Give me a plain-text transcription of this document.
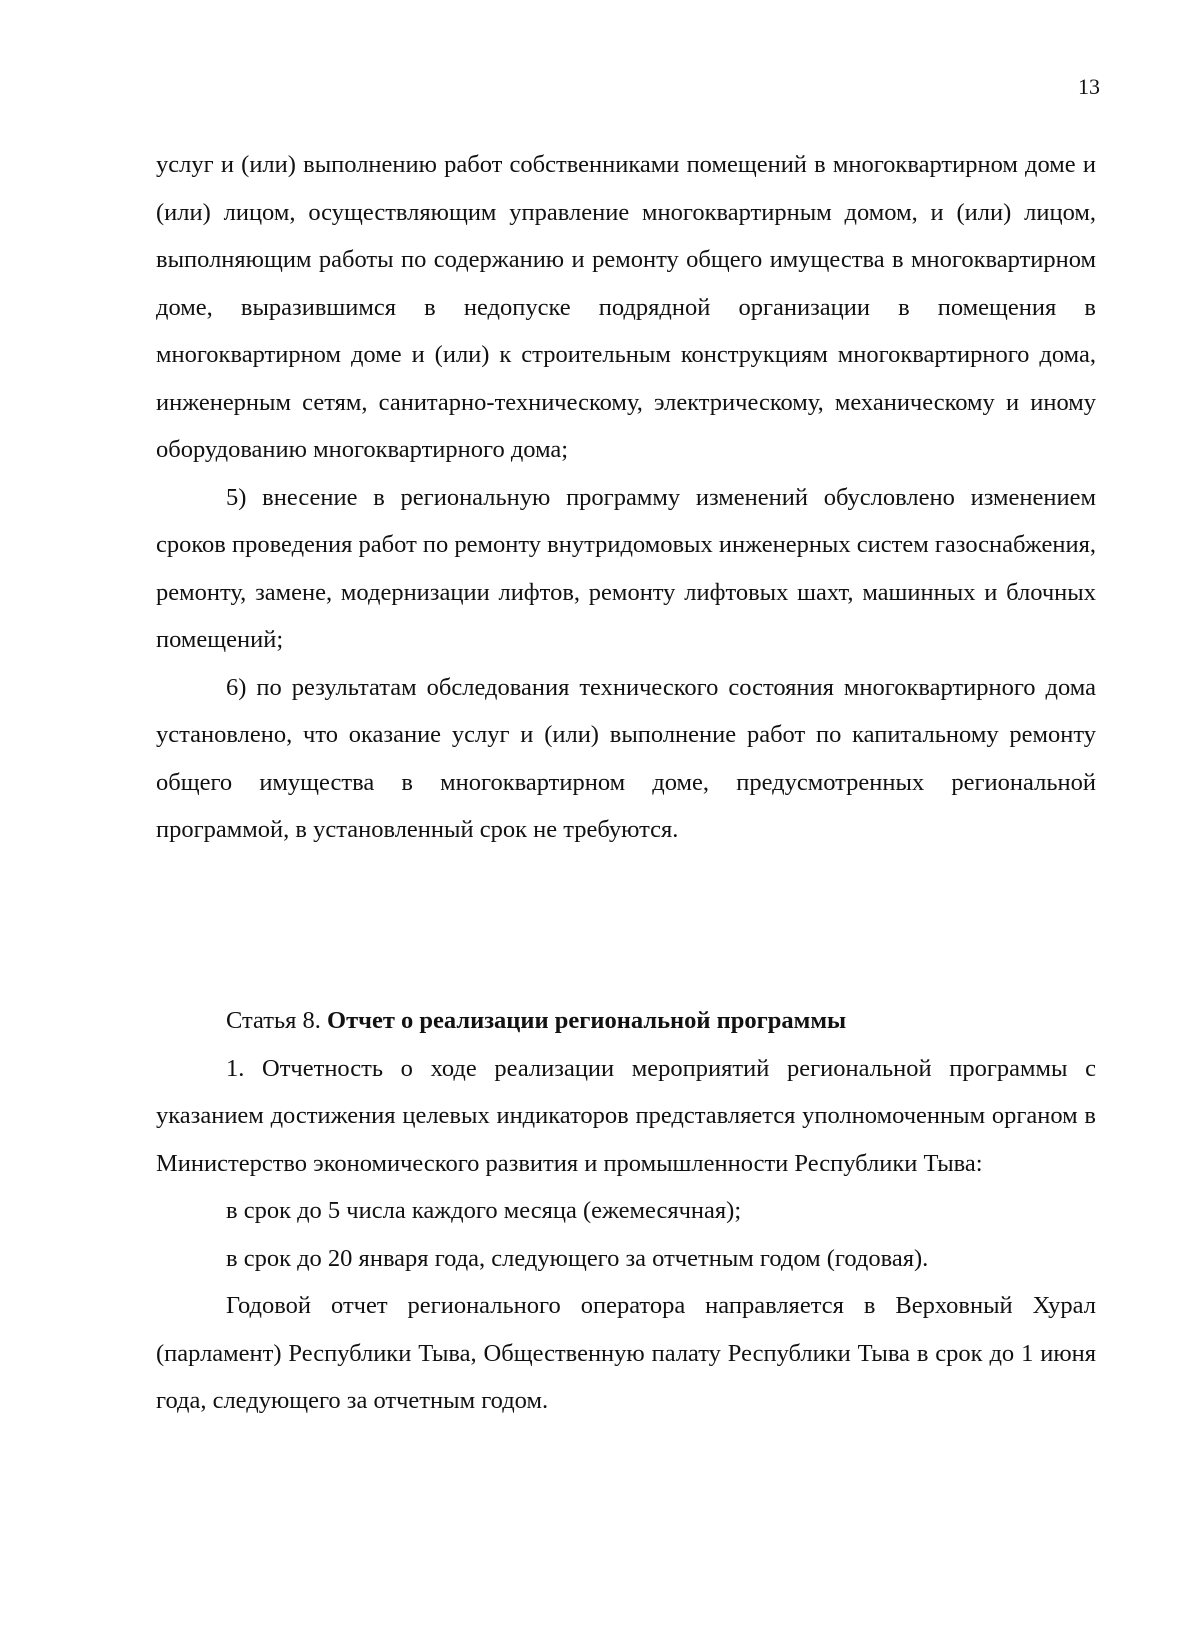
13

услуг и (или) выполнению работ собственниками помещений в многоквартирном доме и (или) лицом, осуществляющим управление многоквартирным домом, и (или) лицом, выполняющим работы по содержанию и ремонту общего имущества в многоквартирном доме, выразившимся в недопуске подрядной организации в помещения в многоквартирном доме и (или) к строительным конструкциям многоквартирного дома, инженерным сетям, санитарно-техническому, электрическому, механическому и иному оборудованию многоквартирного дома;

5) внесение в региональную программу изменений обусловлено изменением сроков проведения работ по ремонту внутридомовых инженерных систем газоснабжения, ремонту, замене, модернизации лифтов, ремонту лифтовых шахт, машинных и блочных помещений;

6) по результатам обследования технического состояния многоквартирного дома установлено, что оказание услуг и (или) выполнение работ по капитальному ремонту общего имущества в многоквартирном доме, предусмотренных региональной программой, в установленный срок не требуются.

Статья 8. Отчет о реализации региональной программы

1. Отчетность о ходе реализации мероприятий региональной программы с указанием достижения целевых индикаторов представляется уполномоченным органом в Министерство экономического развития и промышленности Республики Тыва:

в срок до 5 числа каждого месяца (ежемесячная);

в срок до 20 января года, следующего за отчетным годом (годовая).

Годовой отчет регионального оператора направляется в Верховный Хурал (парламент) Республики Тыва, Общественную палату Республики Тыва в срок до 1 июня года, следующего за отчетным годом.
